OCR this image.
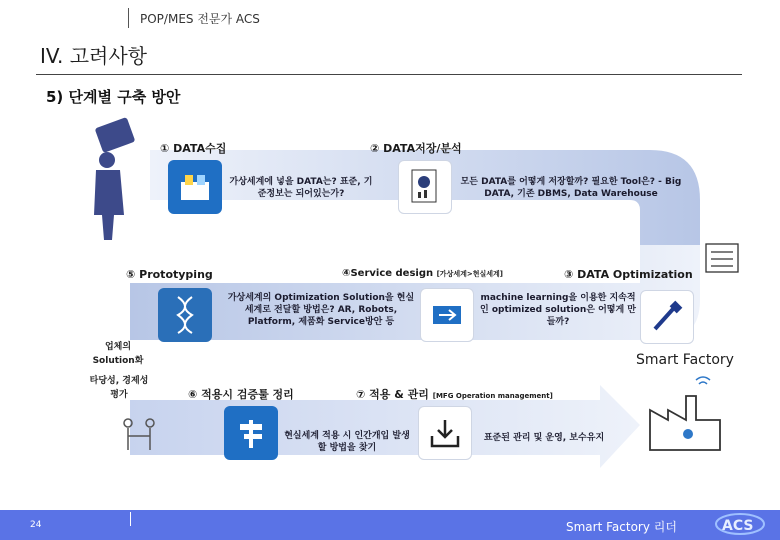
POP/MES 전문가 ACS
IV. 고려사항
5) 단계별 구축 방안
① DATA수집
가상세계에 넣을 DATA는? 표준, 기준정보는 되어있는가?
② DATA저장/분석
모든 DATA를 어떻게 저장할까? 필요한 Tool은? - Big DATA, 기존 DBMS, Data Warehouse
③ DATA Optimization
machine learning을 이용한 지속적인 optimized solution은 어떻게 만들까?
④Service design [가상세계>현실세계]
가상세계의 Optimization Solution을 현실세계로 전달할 방법은? AR, Robots, Platform, 제품화 Service방안 등
⑤ Prototyping
업체의 Solution화
타당성, 경제성 평가	⑥ 적용시 검증툴 정리
현실세계 적용 시 인간개입 발생할 방법을 찾기
⑦ 적용 & 관리 [MFG Operation management]
표준된 관리 및 운영, 보수유지
Smart Factory
24	Smart Factory 리더	ACS
